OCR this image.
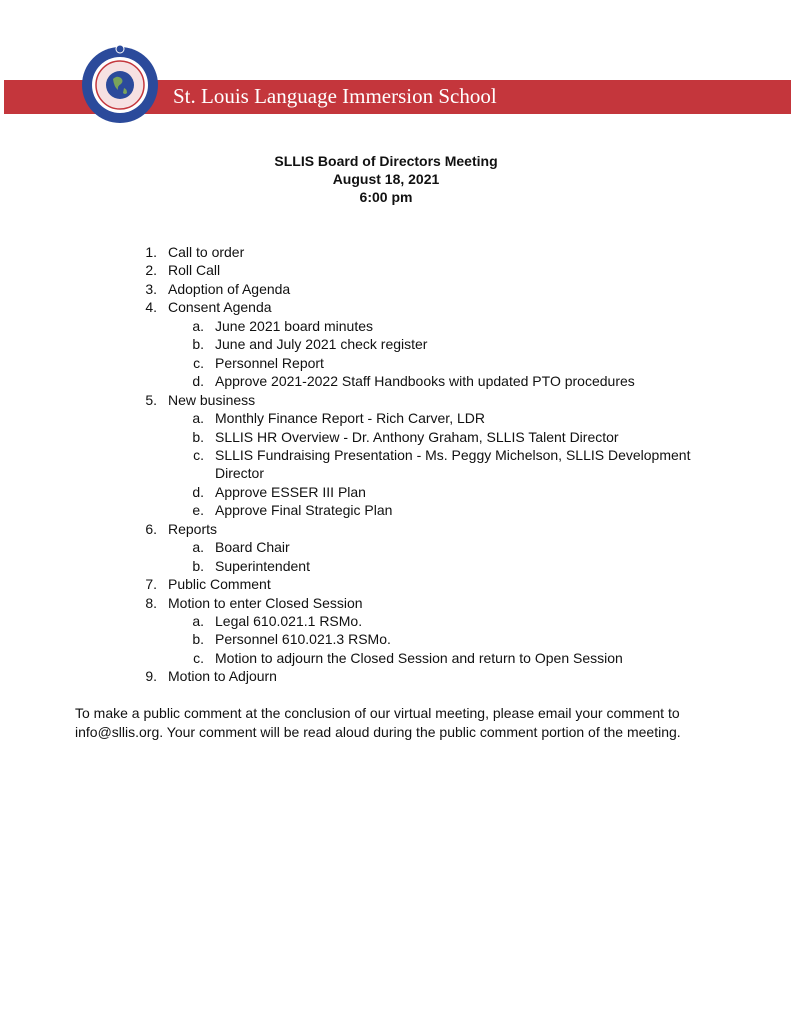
St. Louis Language Immersion School
SLLIS Board of Directors Meeting
August 18, 2021
6:00 pm
1. Call to order
2. Roll Call
3. Adoption of Agenda
4. Consent Agenda
a. June 2021 board minutes
b. June and July 2021 check register
c. Personnel Report
d. Approve 2021-2022 Staff Handbooks with updated PTO procedures
5. New business
a. Monthly Finance Report - Rich Carver, LDR
b. SLLIS HR Overview - Dr. Anthony Graham, SLLIS Talent Director
c. SLLIS Fundraising Presentation - Ms. Peggy Michelson, SLLIS Development
Director
d. Approve ESSER III Plan
e. Approve Final Strategic Plan
6. Reports
a. Board Chair
b. Superintendent
7. Public Comment
8. Motion to enter Closed Session
a. Legal 610.021.1 RSMo.
b. Personnel 610.021.3 RSMo.
c. Motion to adjourn the Closed Session and return to Open Session
9. Motion to Adjourn
To make a public comment at the conclusion of our virtual meeting, please email your comment to info@sllis.org. Your comment will be read aloud during the public comment portion of the meeting.
